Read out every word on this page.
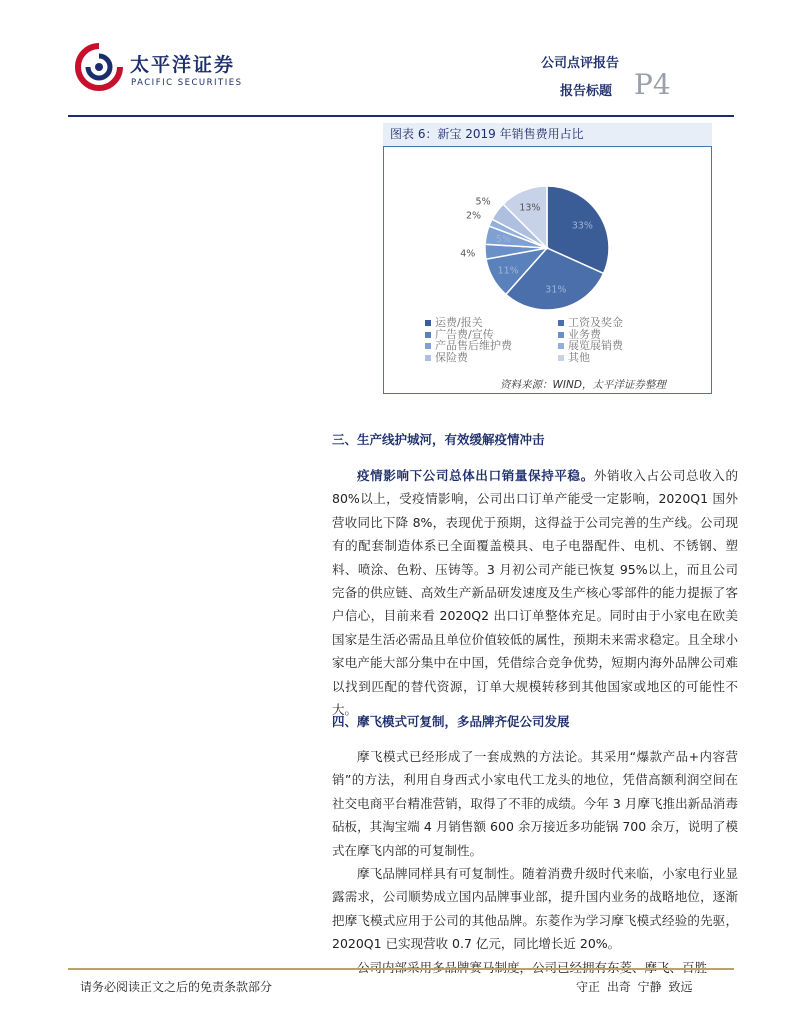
太平洋证券
PACIFIC SECURITIES
公司点评报告
报告标题 P4
图表 6：新宝 2019 年销售费用占比
33%
31%
11%
4%
5%
2%
5%
13%
运费/报关	工资及奖金
广告费/宣传	业务费
产品售后维护费	展览展销费
保险费	其他
资料来源：WIND，太平洋证券整理
三、生产线护城河，有效缓解疫情冲击

疫情影响下公司总体出口销量保持平稳。外销收入占公司总收入的 80%以上，受疫情影响，公司出口订单产能受一定影响，2020Q1 国外营收同比下降 8%，表现优于预期，这得益于公司完善的生产线。公司现有的配套制造体系已全面覆盖模具、电子电器配件、电机、不锈钢、塑料、喷涂、色粉、压铸等。3 月初公司产能已恢复 95%以上，而且公司完备的供应链、高效生产新品研发速度及生产核心零部件的能力提振了客户信心，目前来看 2020Q2 出口订单整体充足。同时由于小家电在欧美国家是生活必需品且单位价值较低的属性，预期未来需求稳定。且全球小家电产能大部分集中在中国，凭借综合竞争优势，短期内海外品牌公司难以找到匹配的替代资源，订单大规模转移到其他国家或地区的可能性不大。

四、摩飞模式可复制，多品牌齐促公司发展

摩飞模式已经形成了一套成熟的方法论。其采用“爆款产品+内容营销”的方法，利用自身西式小家电代工龙头的地位，凭借高额利润空间在社交电商平台精准营销，取得了不菲的成绩。今年 3 月摩飞推出新品消毒砧板，其淘宝端 4 月销售额 600 余万接近多功能锅 700 余万，说明了模式在摩飞内部的可复制性。

摩飞品牌同样具有可复制性。随着消费升级时代来临，小家电行业显露需求，公司顺势成立国内品牌事业部，提升国内业务的战略地位，逐渐把摩飞模式应用于公司的其他品牌。东菱作为学习摩飞模式经验的先驱，2020Q1 已实现营收 0.7 亿元，同比增长近 20%。

请务必阅读正文之后的免责条款部分	守正 出奇 宁静 致远
